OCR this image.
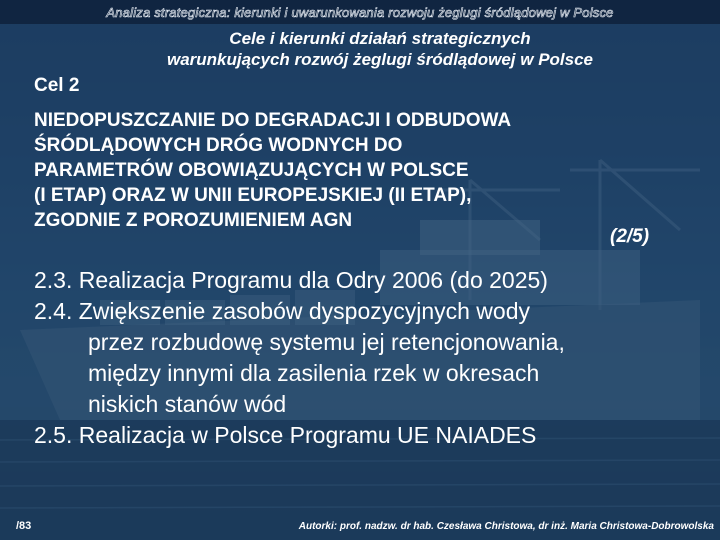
Analiza strategiczna: kierunki i uwarunkowania rozwoju żeglugi śródlądowej w Polsce
Cele i kierunki działań strategicznych
warunkujących rozwój żeglugi śródlądowej w Polsce
Cel 2
NIEDOPUSZCZANIE DO DEGRADACJI I ODBUDOWA
ŚRÓDLĄDOWYCH DRÓG WODNYCH DO
PARAMETRÓW OBOWIĄZUJĄCYCH W POLSCE
(I ETAP) ORAZ W UNII EUROPEJSKIEJ (II ETAP),
ZGODNIE Z POROZUMIENIEM AGN
(2/5)
2.3. Realizacja Programu dla Odry 2006 (do 2025)
2.4. Zwiększenie zasobów dyspozycyjnych wody
przez rozbudowę systemu jej retencjonowania,
między innymi dla zasilenia rzek w okresach
niskich stanów wód
2.5. Realizacja w Polsce Programu UE NAIADES
/83	Autorki: prof. nadzw. dr hab. Czesława Christowa, dr inż. Maria Christowa-Dobrowolska
